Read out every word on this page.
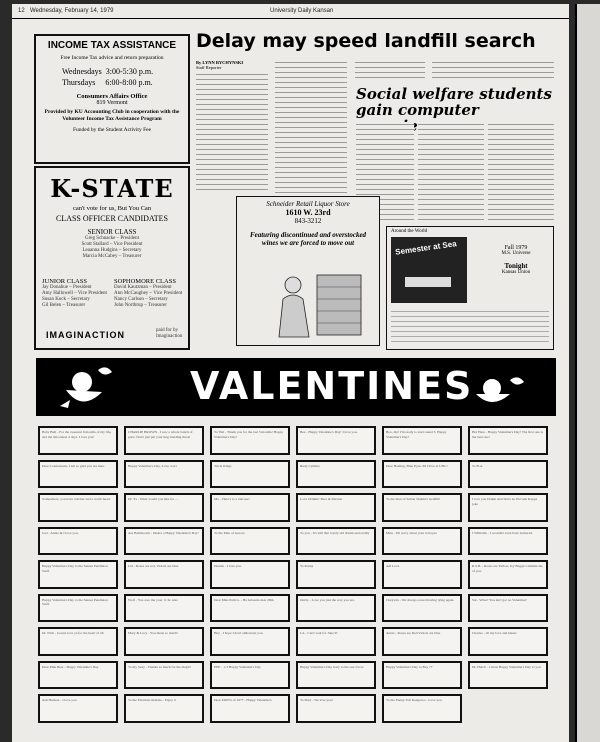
12 Wednesday, February 14, 1979	University Daily Kansan
INCOME TAX ASSISTANCE
Free Income Tax advice and return preparation
Wednesdays 3:00-5:30 p.m.
Thursdays 6:00-8:00 p.m.
Consumers Affairs Office
819 Vermont
Provided by KU Accounting Club in cooperation with the Volunteer Income Tax Assistance Program
Funded by the Student Activity Fee
K-STATE
can't vote for us, But You Can
CLASS OFFICER CANDIDATES
SENIOR CLASS
Greg Schnacke – President
Scott Stallard – Vice President
Leaanna Hudgins – Secretary
Marcia McCabey – Treasurer
JUNIOR CLASS
Jay Donahue – President
Amy Hallowell – Vice President
Susan Kock – Secretary
Gil Belen – Treasurer
SOPHOMORE CLASS
David Kautzman – President
Ann McCaughey – Vice President
Nancy Carlson – Secretary
John Northrup – Treasurer
IMAGINACTION	paid for by Imaginaction
Delay may speed landfill search
By LYNN RYCHYNSKI
Staff Reporter
Social welfare students gain computer
Schneider Retail Liquor Store
1610 W. 23rd
843-3212
Featuring discontinued and overstocked
wines we are forced to move out
Around the World
Semester at Sea	Fall 1979
M.S. Universe
Tonight
Kansas Union
VALENTINES
Baby Bull - For the sweetest 6 months of my life, and the smoothest 4 days. I love you!
CHARLIE BROWN - I saw a whole bunch of gobs. Don't just put your hug standing there!
To Tim - Thank you for the last 3 months! Happy Valentine's Day!
Bee - Happy Valentine's Day! I love you.	Boo, my! I'm ready to start round 3. Happy Valentine's Day!
Hot Hare - Happy Valentine's Day! The first one is the best one!
Dear Cosmonauts, I am so glad you are here.	Happy Valentine's Day, Love, Lori	Tricia Kings	Rudy Cynthia	Dear Heating, Blue Eyes, 69 I'll be at UNC!	To B.A.
Somewhere, you have told her and a warm heart.	Dr. Ys - What would you like for ...	Ms. - Here's to a nutcase!	Love Drinkin' Beer & Maxine	To the man of Sultan Shahin's Graffiti!	I love you Drunk And that's no Piccadu Kappa joke
Joel - Annie & I love you.	Ass Bamboozle - Desire a Happy Valentine's Day!	To the Man of Aurora	To you - It's still that lovely old dream and reality	Miss - I'm sorry about your red eyes	J Williams - I wouldn't even have bothered.
Happy Valentine's Day to the Sunset Pendleton Staff.
Usi - Roses are red, Violets are blue	Dennis - I love you.	To Penny	Adi Love	R.S.B. - Roses are Yellow, Ivy Baggio reminds me of you.
Happy Valentine's Day to the Sunset Pendleton Staff.
Wolf - You owe me your 11 hr. kiss	Dear Miss Pam G. - Ha Grissula dear 28th.	Darby - Love you just the way you are.	Cheywin - I'm always scared having lying again.	Sal - What? You ain't got no Valentine?
Dr. Nick - Gonna love ya for the heart of all.	Mary & Lucy - You mean so much!	Hey - I hope I don't embarrass you.	LA - Can't wait for June 9!	Annie - Roses are Red Violets are blue	Charles - all my love and kisses
Dear Pink Bear - Happy Valentine's Day	To my Sexy - Thanks so much for the magic!	EEE - 1-3 Happy Valentine's Day	Happy Valentine's Day Gary to the one I love	Happy Valentine's Day to Bay 77	Dr. Hutch - a most Happy Valentine's Day to you
Ash Hudson - I love you	To the Fabulous Indians - Enjoy it	Dear MON's of 1977 - Happy Valentine's	To Daty - We love you!	To the Funny Tall Kangaroo - Love you
